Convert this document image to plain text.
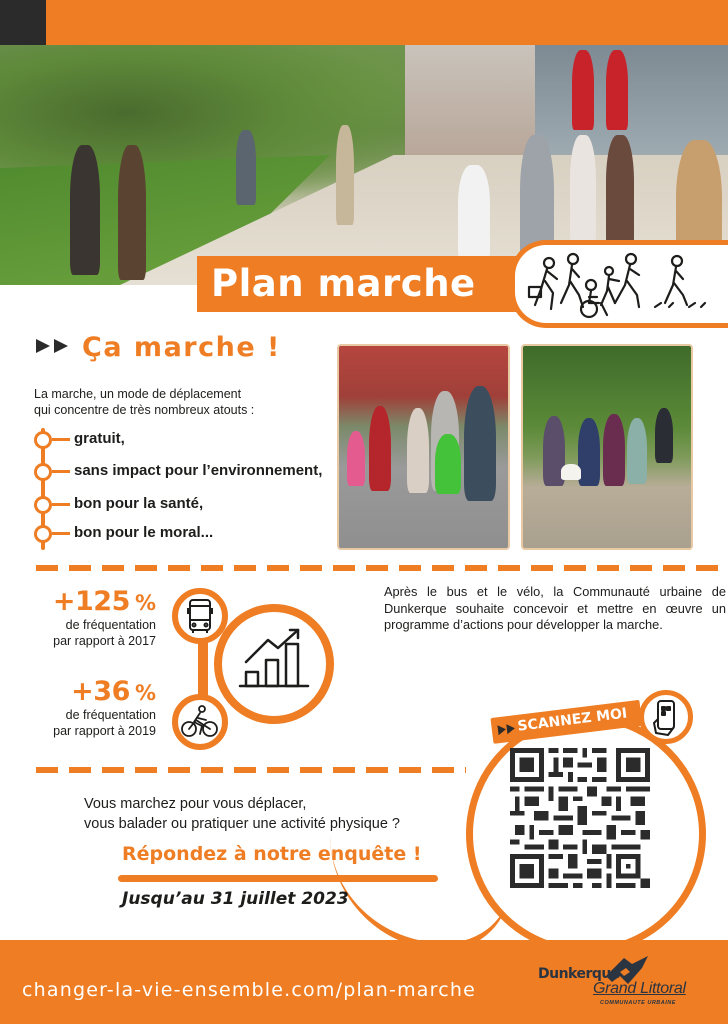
Plan marche
Ça marche !
La marche, un mode de déplacement
qui concentre de très nombreux atouts :
gratuit,
sans impact pour l’environnement,
bon pour la santé,
bon pour le moral...
+125 %
de fréquentation
par rapport à 2017
+36 %
de fréquentation
par rapport à 2019
Après le bus et le vélo, la Communauté urbaine de Dunkerque souhaite concevoir et mettre en œuvre un programme d’actions pour développer la marche.
SCANNEZ MOI
Vous marchez pour vous déplacer,
vous balader ou pratiquer une activité physique ?
Répondez à notre enquête !
Jusqu’au 31 juillet 2023
changer-la-vie-ensemble.com/plan-marche
Dunkerque
Grand Littoral
COMMUNAUTE URBAINE
